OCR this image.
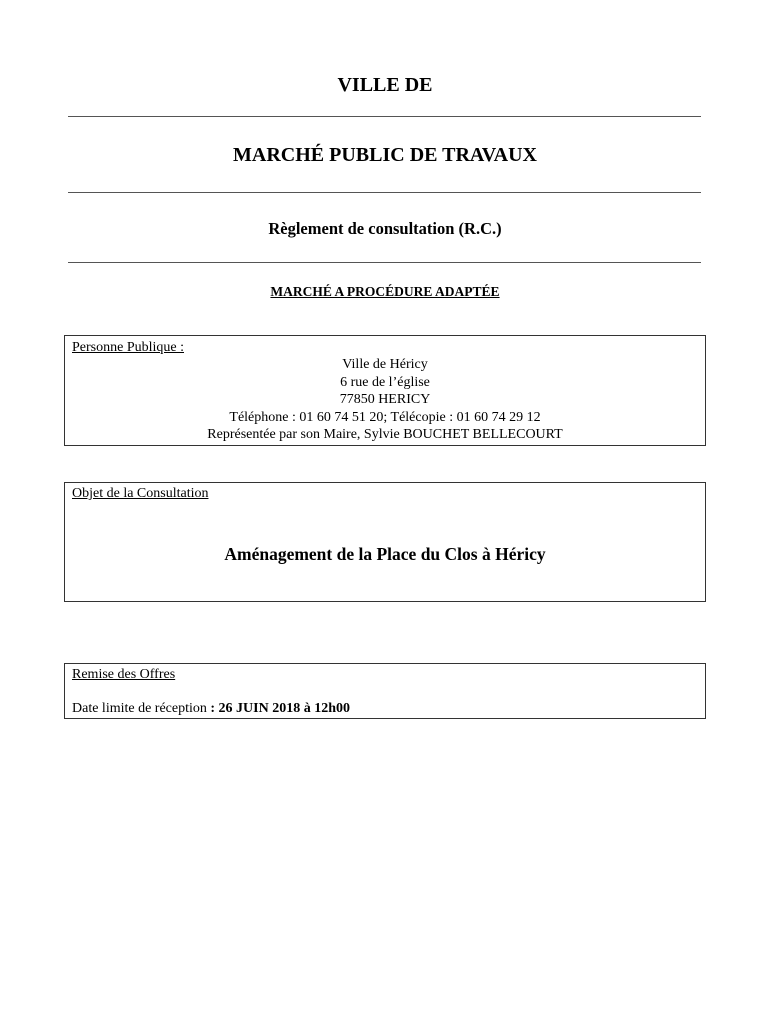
VILLE DE
MARCHÉ PUBLIC DE TRAVAUX
Règlement de consultation (R.C.)
MARCHÉ A PROCÉDURE ADAPTÉE
Personne Publique :
Ville de Héricy
6 rue de l’église
77850 HERICY
Téléphone : 01 60 74 51 20; Télécopie : 01 60 74 29 12
Représentée par son Maire, Sylvie BOUCHET BELLECOURT
Objet de la Consultation
Aménagement de la Place du Clos à Héricy
Remise des Offres
Date limite de réception : 26 JUIN 2018 à 12h00
